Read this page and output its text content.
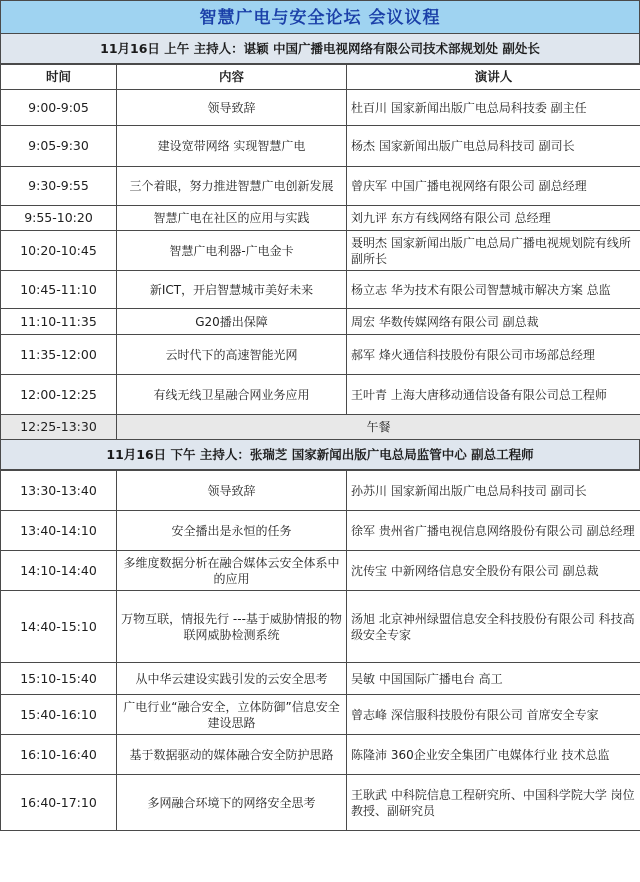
智慧广电与安全论坛 会议议程
11月16日 上午 主持人：谌颖 中国广播电视网络有限公司技术部规划处 副处长
时间	内容	演讲人
9:00-9:05	领导致辞	杜百川 国家新闻出版广电总局科技委 副主任
9:05-9:30	建设宽带网络 实现智慧广电	杨杰 国家新闻出版广电总局科技司 副司长
9:30-9:55	三个着眼，努力推进智慧广电创新发展	曾庆军 中国广播电视网络有限公司 副总经理
9:55-10:20	智慧广电在社区的应用与实践	刘九评 东方有线网络有限公司 总经理
10:20-10:45	智慧广电利器-广电金卡	聂明杰 国家新闻出版广电总局广播电视规划院有线所 副所长
10:45-11:10	新ICT，开启智慧城市美好未来	杨立志 华为技术有限公司智慧城市解决方案 总监
11:10-11:35	G20播出保障	周宏 华数传媒网络有限公司 副总裁
11:35-12:00	云时代下的高速智能光网	郝军 烽火通信科技股份有限公司市场部总经理
12:00-12:25	有线无线卫星融合网业务应用	王叶青 上海大唐移动通信设备有限公司总工程师
12:25-13:30	午餐	
11月16日 下午 主持人：张瑞芝 国家新闻出版广电总局监管中心 副总工程师
13:30-13:40	领导致辞	孙苏川 国家新闻出版广电总局科技司 副司长
13:40-14:10	安全播出是永恒的任务	徐军 贵州省广播电视信息网络股份有限公司 副总经理
14:10-14:40	多维度数据分析在融合媒体云安全体系中的应用	沈传宝 中新网络信息安全股份有限公司 副总裁
14:40-15:10	万物互联，情报先行 ---基于威胁情报的物联网威胁检测系统	汤旭 北京神州绿盟信息安全科技股份有限公司 科技高级安全专家
15:10-15:40	从中华云建设实践引发的云安全思考	吴敏 中国国际广播电台 高工
15:40-16:10	广电行业“融合安全，立体防御”信息安全建设思路	曾志峰 深信服科技股份有限公司 首席安全专家
16:10-16:40	基于数据驱动的媒体融合安全防护思路	陈隆沛 360企业安全集团广电媒体行业 技术总监
16:40-17:10	多网融合环境下的网络安全思考	王耿武 中科院信息工程研究所、中国科学院大学 岗位教授、副研究员
